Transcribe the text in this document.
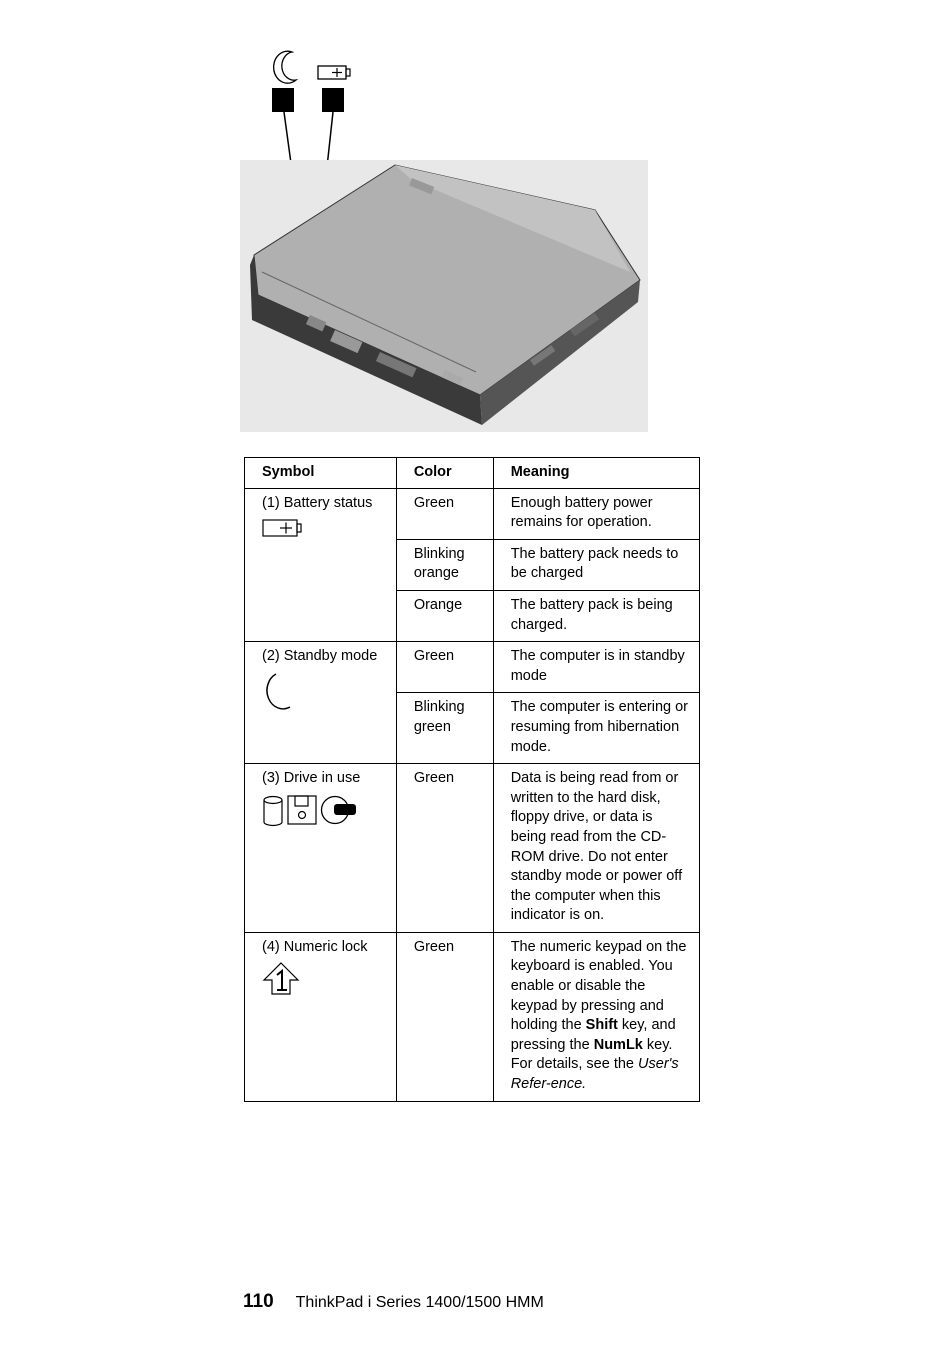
Symbol	Color	Meaning
(1) Battery status	Green	Enough battery power remains for operation.
	Blinking orange	The battery pack needs to be charged
	Orange	The battery pack is being charged.
(2) Standby mode	Green	The computer is in standby mode
	Blinking green	The computer is entering or resuming from hibernation mode.
(3) Drive in use	Green	Data is being read from or written to the hard disk, floppy drive, or data is being read from the CD-ROM drive. Do not enter standby mode or power off the computer when this indicator is on.
(4) Numeric lock	Green	The numeric keypad on the keyboard is enabled. You enable or disable the keypad by pressing and holding the Shift key, and pressing the NumLk key. For details, see the User's Refer-ence.
110 ThinkPad i Series 1400/1500 HMM
